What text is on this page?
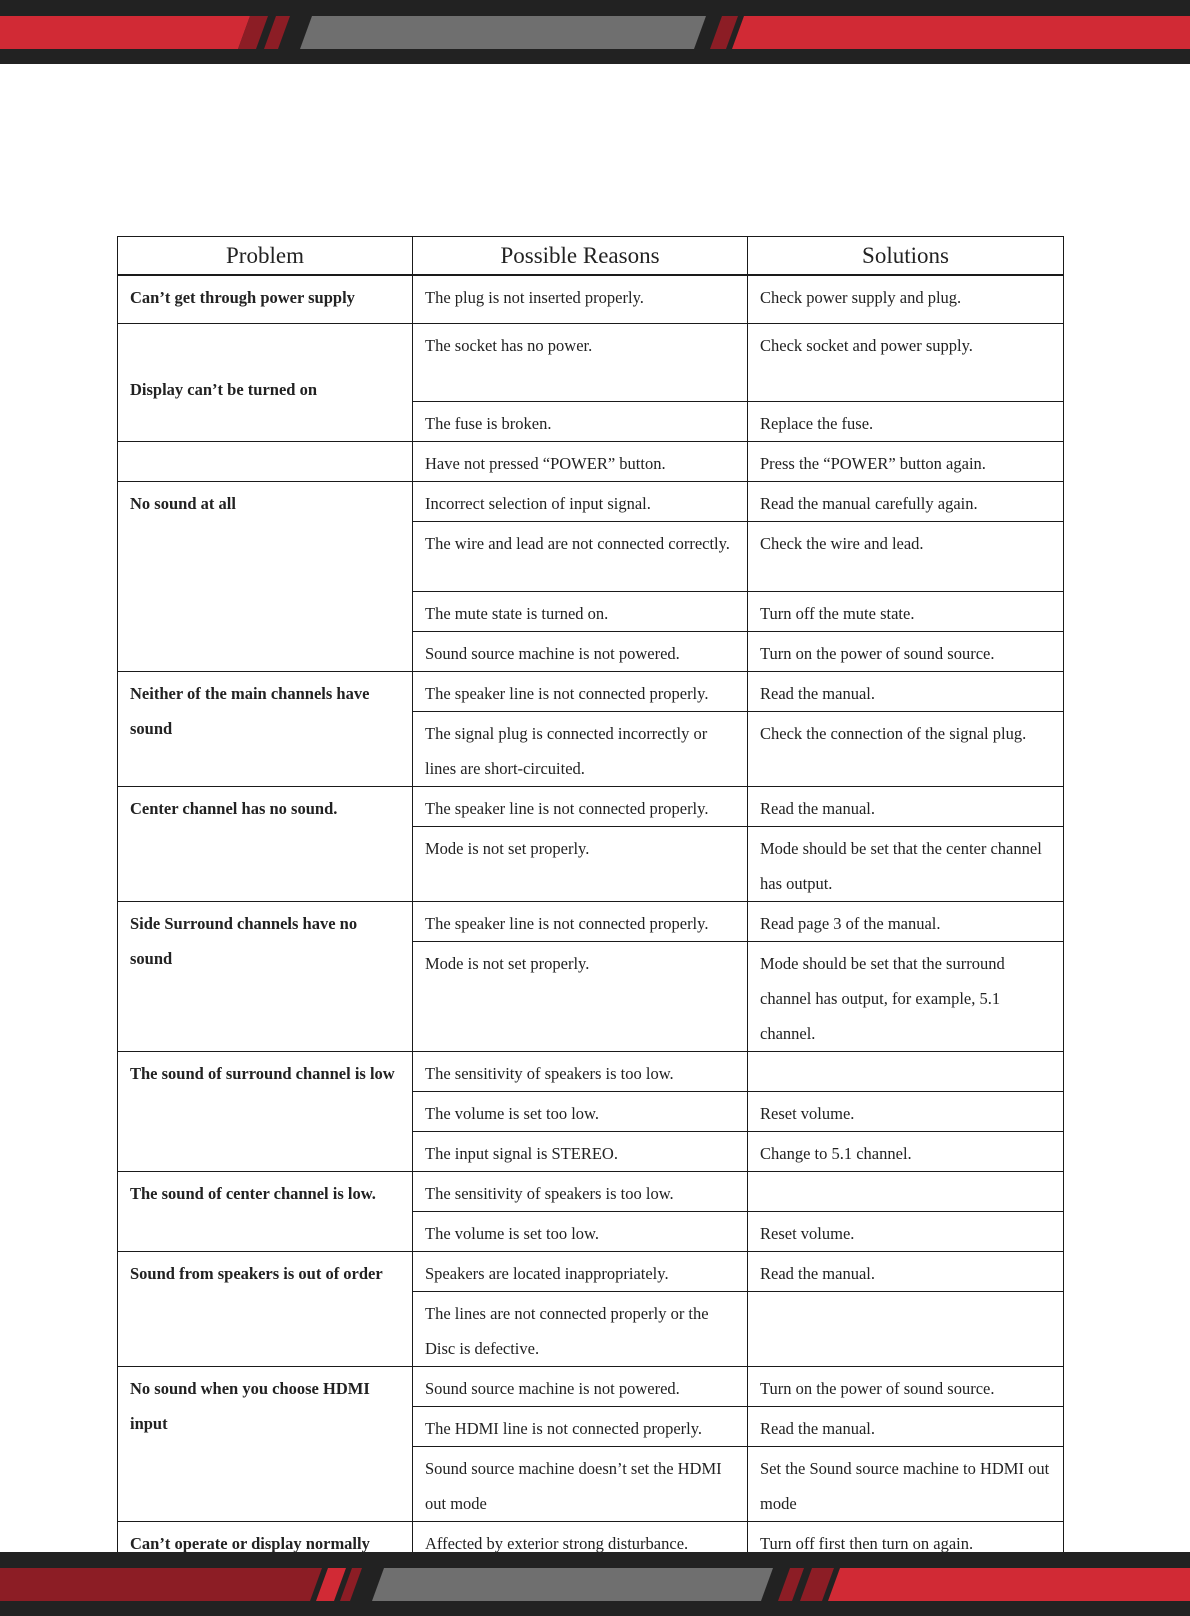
Problem	Possible Reasons	Solutions
Can’t get through power supply	The plug is not inserted properly.	Check power supply and plug.
Display can’t be turned on	The socket has no power.	Check socket and power supply.

	The fuse is broken.	Replace the fuse.
	Have not pressed “POWER” button.	Press the “POWER” button again.
No sound at all	Incorrect selection of input signal.	Read the manual carefully again.
	The wire and lead are not connected correctly.	Check the wire and lead.
	The mute state is turned on.	Turn off the mute state.
	Sound source machine is not powered.	Turn on the power of sound source.
Neither of the main channels have sound	The speaker line is not connected properly.	Read the manual.
	The signal plug is connected incorrectly or lines are short-circuited.	Check the connection of the signal plug.
Center channel has no sound.	The speaker line is not connected properly.	Read the manual.
	Mode is not set properly.	Mode should be set that the center channel has output.
Side Surround channels have no sound	The speaker line is not connected properly.	Read page 3 of the manual.
	Mode is not set properly.	Mode should be set that the surround channel has output, for example, 5.1 channel.
The sound of surround channel is low	The sensitivity of speakers is too low.	
	The volume is set too low.	Reset volume.
	The input signal is STEREO.	Change to 5.1 channel.
The sound of center channel is low.	The sensitivity of speakers is too low.	
	The volume is set too low.	Reset volume.
Sound from speakers is out of order	Speakers are located inappropriately.	Read the manual.
	The lines are not connected properly or the Disc is defective.	
No sound when you choose HDMI input	Sound source machine is not powered.	Turn on the power of sound source.
	The HDMI line is not connected properly.	Read the manual.
	Sound source machine doesn’t set the HDMI out mode	Set the Sound source machine to HDMI out mode
Can’t operate or display normally	Affected by exterior strong disturbance.	Turn off first then turn on again.
